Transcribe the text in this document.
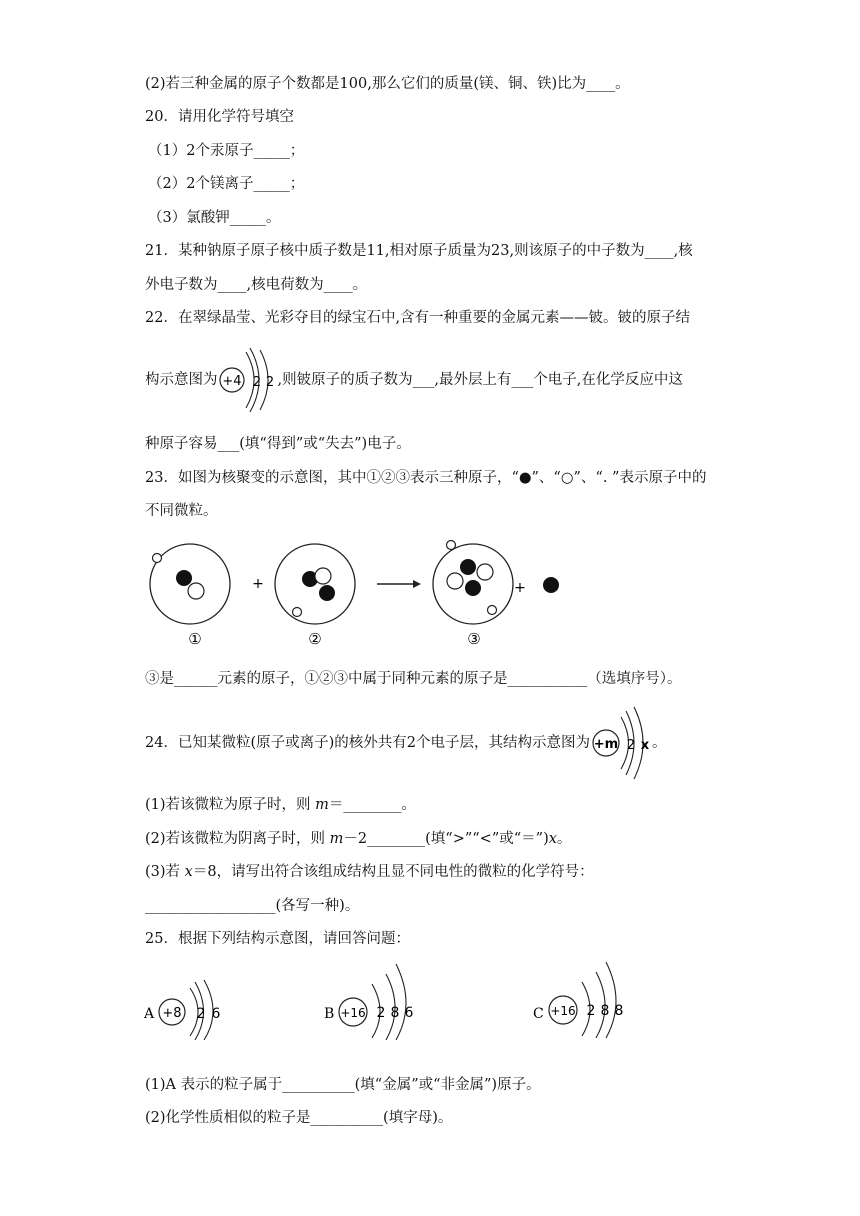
(2)若三种金属的原子个数都是100,那么它们的质量(镁、铜、铁)比为____。
20．请用化学符号填空
（1）2个汞原子_____；
（2）2个镁离子_____；
（3）氯酸钾_____。
21．某种钠原子原子核中质子数是11,相对原子质量为23,则该原子的中子数为____,核
外电子数为____,核电荷数为____。
22．在翠绿晶莹、光彩夺目的绿宝石中,含有一种重要的金属元素——铍。铍的原子结
构示意图为 +4 2 2 ,则铍原子的质子数为___,最外层上有___个电子,在化学反应中这
种原子容易___(填“得到”或“失去”)电子。
23．如图为核聚变的示意图，其中①②③表示三种原子，“●”、“○”、“. ”表示原子中的
不同微粒。
+	+
①	②	③
③是______元素的原子，①②③中属于同种元素的原子是___________（选填序号）。
24．已知某微粒(原子或离子)的核外共有2个电子层，其结构示意图为 +m 2 x 。
(1)若该微粒为原子时，则 m＝________。
(2)若该微粒为阴离子时，则 m－2________(填“>”“<”或“＝”)x。
(3)若 x＝8，请写出符合该组成结构且显不同电性的微粒的化学符号：
__________________(各写一种)。
25．根据下列结构示意图，请回答问题：
A +8 2 6	B +16 2 8 6	C +16 2 8 8
(1)A 表示的粒子属于__________(填“金属”或“非金属”)原子。
(2)化学性质相似的粒子是__________(填字母)。
